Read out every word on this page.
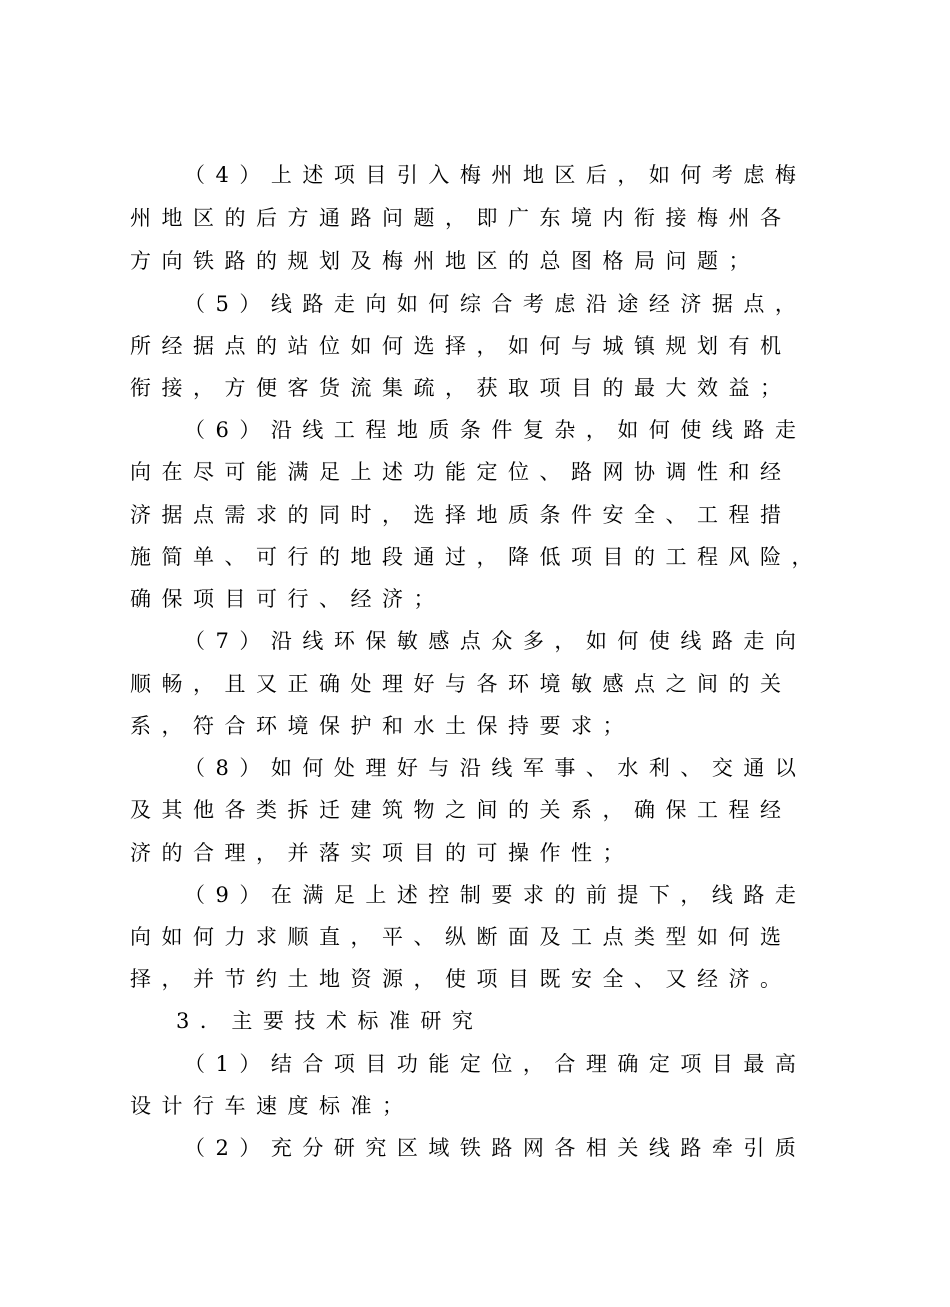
（4）上述项目引入梅州地区后，如何考虑梅
州地区的后方通路问题，即广东境内衔接梅州各
方向铁路的规划及梅州地区的总图格局问题；
（5）线路走向如何综合考虑沿途经济据点，
所经据点的站位如何选择，如何与城镇规划有机
衔接，方便客货流集疏，获取项目的最大效益；
（6）沿线工程地质条件复杂，如何使线路走
向在尽可能满足上述功能定位、路网协调性和经
济据点需求的同时，选择地质条件安全、工程措
施简单、可行的地段通过，降低项目的工程风险，
确保项目可行、经济；
（7）沿线环保敏感点众多，如何使线路走向
顺畅，且又正确处理好与各环境敏感点之间的关
系，符合环境保护和水土保持要求；
（8）如何处理好与沿线军事、水利、交通以
及其他各类拆迁建筑物之间的关系，确保工程经
济的合理，并落实项目的可操作性；
（9）在满足上述控制要求的前提下，线路走
向如何力求顺直，平、纵断面及工点类型如何选
择，并节约土地资源，使项目既安全、又经济。
3．主要技术标准研究
（1）结合项目功能定位，合理确定项目最高
设计行车速度标准；
（2）充分研究区域铁路网各相关线路牵引质
